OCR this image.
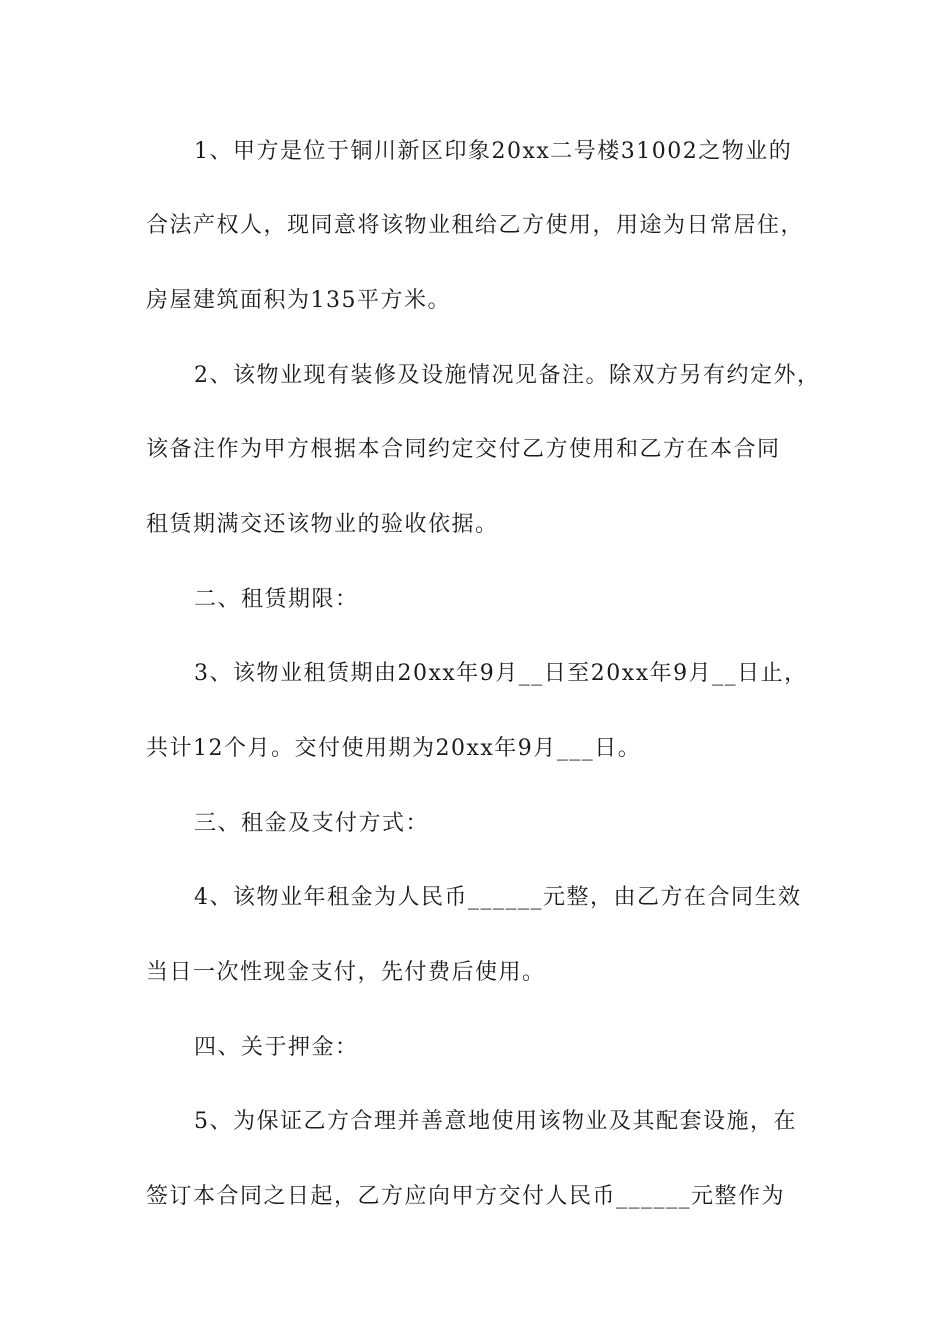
1、甲方是位于铜川新区印象20xx二号楼31002之物业的
合法产权人，现同意将该物业租给乙方使用，用途为日常居住，
房屋建筑面积为135平方米。
2、该物业现有装修及设施情况见备注。除双方另有约定外，
该备注作为甲方根据本合同约定交付乙方使用和乙方在本合同
租赁期满交还该物业的验收依据。
二、租赁期限：
3、该物业租赁期由20xx年9月__日至20xx年9月__日止，
共计12个月。交付使用期为20xx年9月___日。
三、租金及支付方式：
4、该物业年租金为人民币______元整，由乙方在合同生效
当日一次性现金支付，先付费后使用。
四、关于押金：
5、为保证乙方合理并善意地使用该物业及其配套设施，在
签订本合同之日起，乙方应向甲方交付人民币______元整作为
